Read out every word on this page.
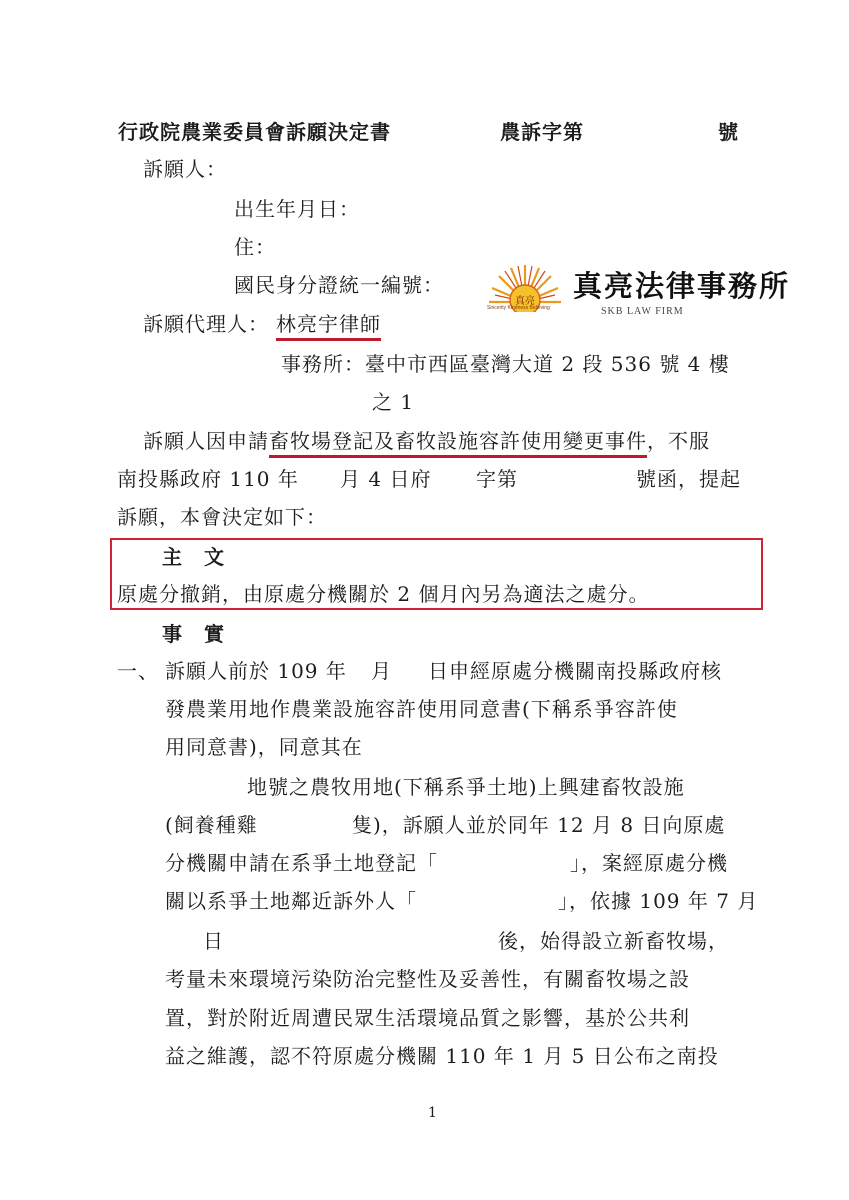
行政院農業委員會訴願決定書	農訴字第	號
訴願人：
出生年月日：
住：
國民身分證統一編號：
真亮
Sincerity Kindness Believing
真亮法律事務所
SKB LAW FIRM
訴願代理人： 林亮宇律師
事務所：臺中市西區臺灣大道 2 段 536 號 4 樓
之 1
訴願人因申請畜牧場登記及畜牧設施容許使用變更事件，不服
南投縣政府 110 年 月 4 日府 字第	號函，提起
訴願，本會決定如下：
主　文
原處分撤銷，由原處分機關於 2 個月內另為適法之處分。
事　實
一、 訴願人前於 109 年 月 日申經原處分機關南投縣政府核
發農業用地作農業設施容許使用同意書(下稱系爭容許使
用同意書)，同意其在
地號之農牧用地(下稱系爭土地)上興建畜牧設施
(飼養種雞	隻)，訴願人並於同年 12 月 8 日向原處
分機關申請在系爭土地登記「	」，案經原處分機
關以系爭土地鄰近訴外人「	」，依據 109 年 7 月
日	後，始得設立新畜牧場，
考量未來環境污染防治完整性及妥善性，有關畜牧場之設
置，對於附近周遭民眾生活環境品質之影響，基於公共利
益之維護，認不符原處分機關 110 年 1 月 5 日公布之南投
1
